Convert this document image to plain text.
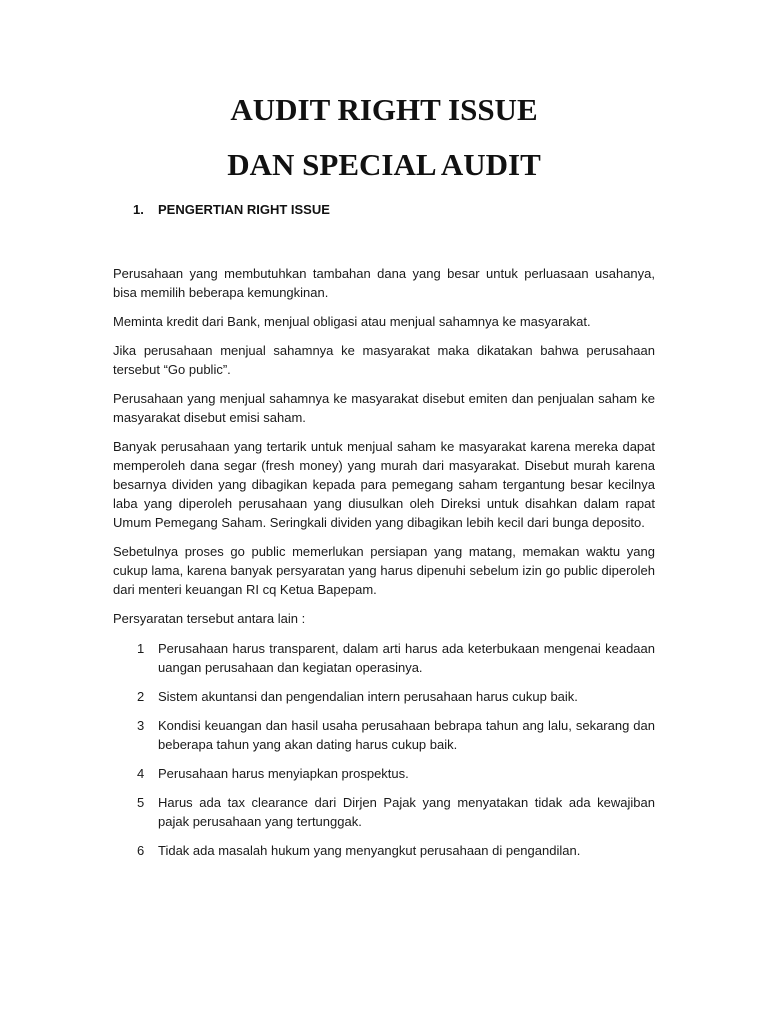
AUDIT RIGHT ISSUE
DAN SPECIAL AUDIT
1. PENGERTIAN RIGHT ISSUE

Perusahaan yang membutuhkan tambahan dana yang besar untuk perluasaan usahanya, bisa memilih beberapa kemungkinan.

Meminta kredit dari Bank, menjual obligasi atau menjual sahamnya ke masyarakat.

Jika perusahaan menjual sahamnya ke masyarakat maka dikatakan bahwa perusahaan tersebut “Go public”.

Perusahaan yang menjual sahamnya ke masyarakat disebut emiten dan penjualan saham ke masyarakat disebut emisi saham.

Banyak perusahaan yang tertarik untuk menjual saham ke masyarakat karena mereka dapat memperoleh dana segar (fresh money) yang murah dari masyarakat. Disebut murah karena besarnya dividen yang dibagikan kepada para pemegang saham tergantung besar kecilnya laba yang diperoleh perusahaan yang diusulkan oleh Direksi untuk disahkan dalam rapat Umum Pemegang Saham. Seringkali dividen yang dibagikan lebih kecil dari bunga deposito.

Sebetulnya proses go public memerlukan persiapan yang matang, memakan waktu yang cukup lama, karena banyak persyaratan yang harus dipenuhi sebelum izin go public diperoleh dari menteri keuangan RI cq Ketua Bapepam.

Persyaratan tersebut antara lain :

1 Perusahaan harus transparent, dalam arti harus ada keterbukaan mengenai keadaan uangan perusahaan dan kegiatan operasinya.
2 Sistem akuntansi dan pengendalian intern perusahaan harus cukup baik.
3 Kondisi keuangan dan hasil usaha perusahaan bebrapa tahun ang lalu, sekarang dan beberapa tahun yang akan dating harus cukup baik.
4 Perusahaan harus menyiapkan prospektus.
5 Harus ada tax clearance dari Dirjen Pajak yang menyatakan tidak ada kewajiban pajak perusahaan yang tertunggak.
6 Tidak ada masalah hukum yang menyangkut perusahaan di pengandilan.
